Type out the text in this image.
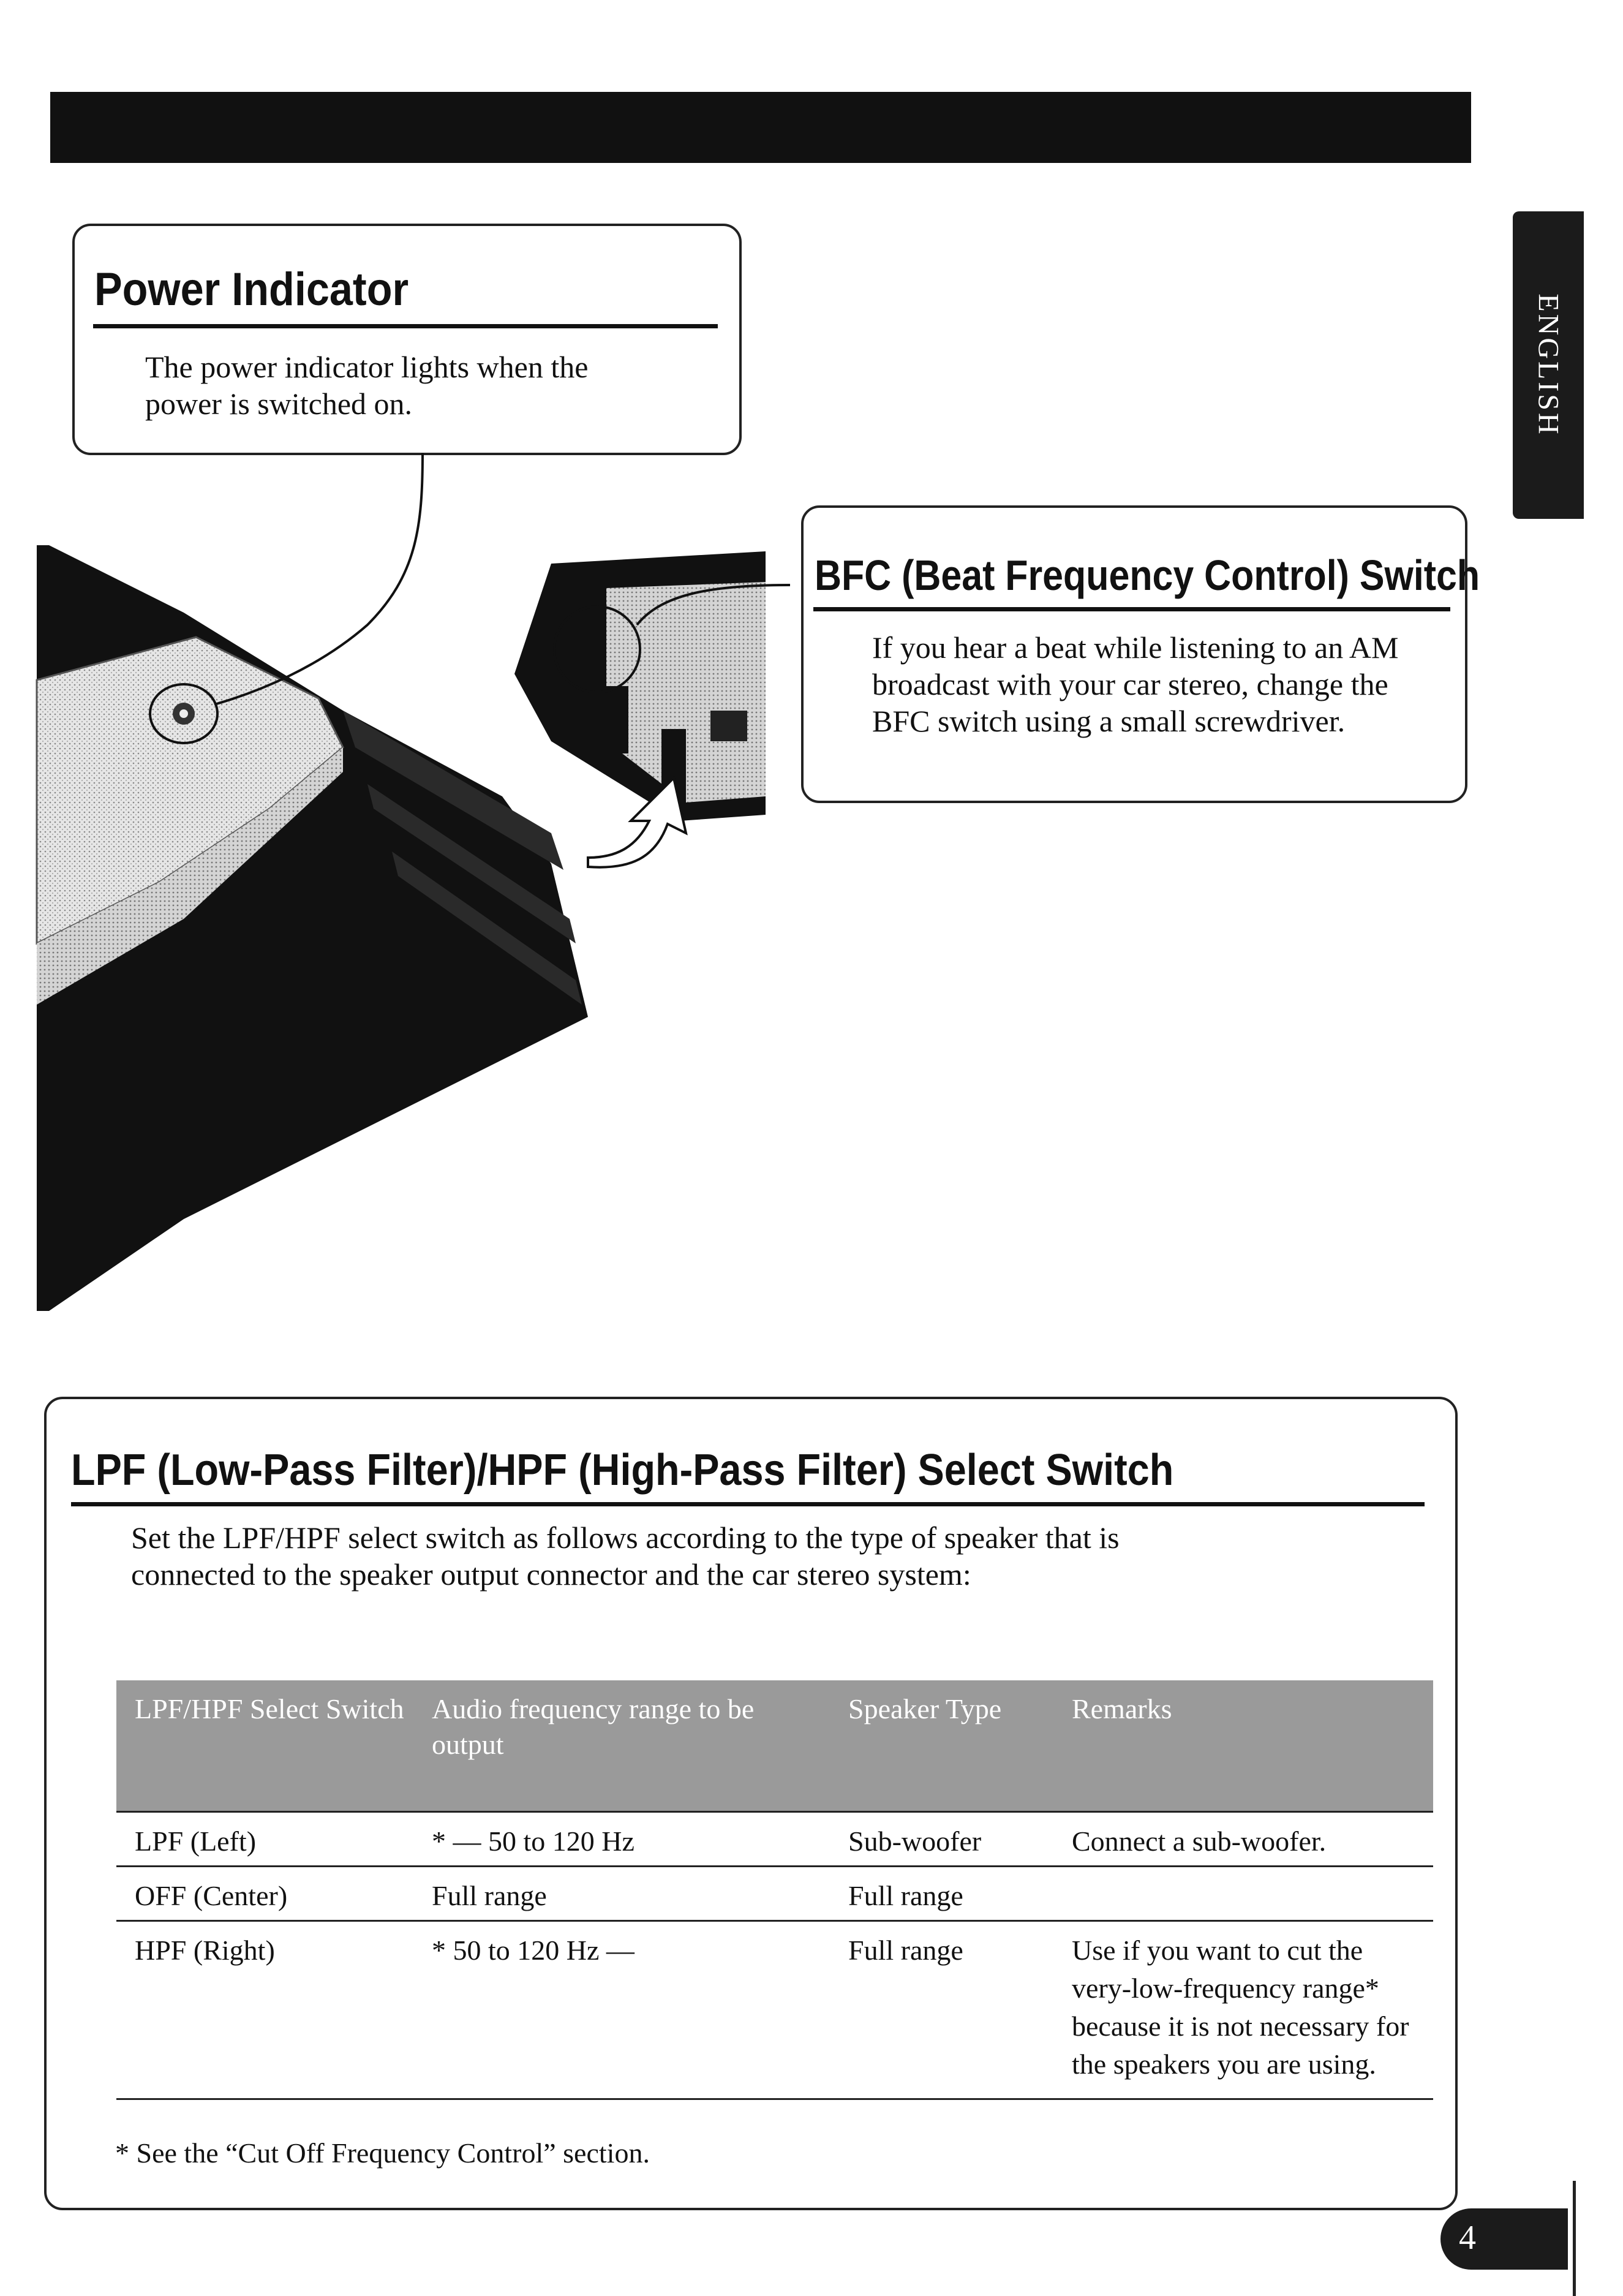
ENGLISH
Power Indicator

The power indicator lights when the power is switched on.

BFC (Beat Frequency Control) Switch

If you hear a beat while listening to an AM broadcast with your car stereo, change the BFC switch using a small screwdriver.

LPF (Low-Pass Filter)/HPF (High-Pass Filter) Select Switch

Set the LPF/HPF select switch as follows according to the type of speaker that is connected to the speaker output connector and the car stereo system:

LPF/HPF Select Switch	Audio frequency range to be output	Speaker Type	Remarks
LPF (Left)	* — 50 to 120 Hz	Sub-woofer	Connect a sub-woofer.
OFF (Center)	Full range	Full range	
HPF (Right)	* 50 to 120 Hz —	Full range	Use if you want to cut the very-low-frequency range* because it is not necessary for the speakers you are using.

* See the “Cut Off Frequency Control” section.

4
